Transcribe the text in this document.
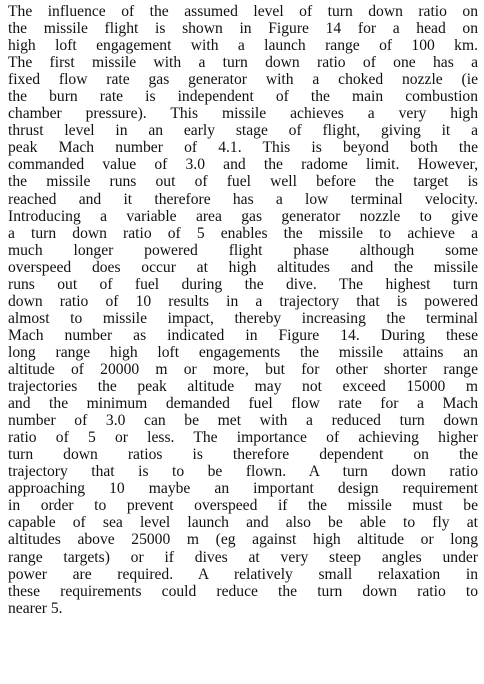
The influence of the assumed level of turn down ratio on
the missile flight is shown in Figure 14 for a head on
high loft engagement with a launch range of 100 km.
The first missile with a turn down ratio of one has a
fixed flow rate gas generator with a choked nozzle (ie
the burn rate is independent of the main combustion
chamber pressure). This missile achieves a very high
thrust level in an early stage of flight, giving it a
peak Mach number of 4.1. This is beyond both the
commanded value of 3.0 and the radome limit. However,
the missile runs out of fuel well before the target is
reached and it therefore has a low terminal velocity.
Introducing a variable area gas generator nozzle to give
a turn down ratio of 5 enables the missile to achieve a
much longer powered flight phase although some
overspeed does occur at high altitudes and the missile
runs out of fuel during the dive. The highest turn
down ratio of 10 results in a trajectory that is powered
almost to missile impact, thereby increasing the terminal
Mach number as indicated in Figure 14. During these
long range high loft engagements the missile attains an
altitude of 20000 m or more, but for other shorter range
trajectories the peak altitude may not exceed 15000 m
and the minimum demanded fuel flow rate for a Mach
number of 3.0 can be met with a reduced turn down
ratio of 5 or less. The importance of achieving higher
turn down ratios is therefore dependent on the
trajectory that is to be flown. A turn down ratio
approaching 10 maybe an important design requirement
in order to prevent overspeed if the missile must be
capable of sea level launch and also be able to fly at
altitudes above 25000 m (eg against high altitude or long
range targets) or if dives at very steep angles under
power are required. A relatively small relaxation in
these requirements could reduce the turn down ratio to
nearer 5.
